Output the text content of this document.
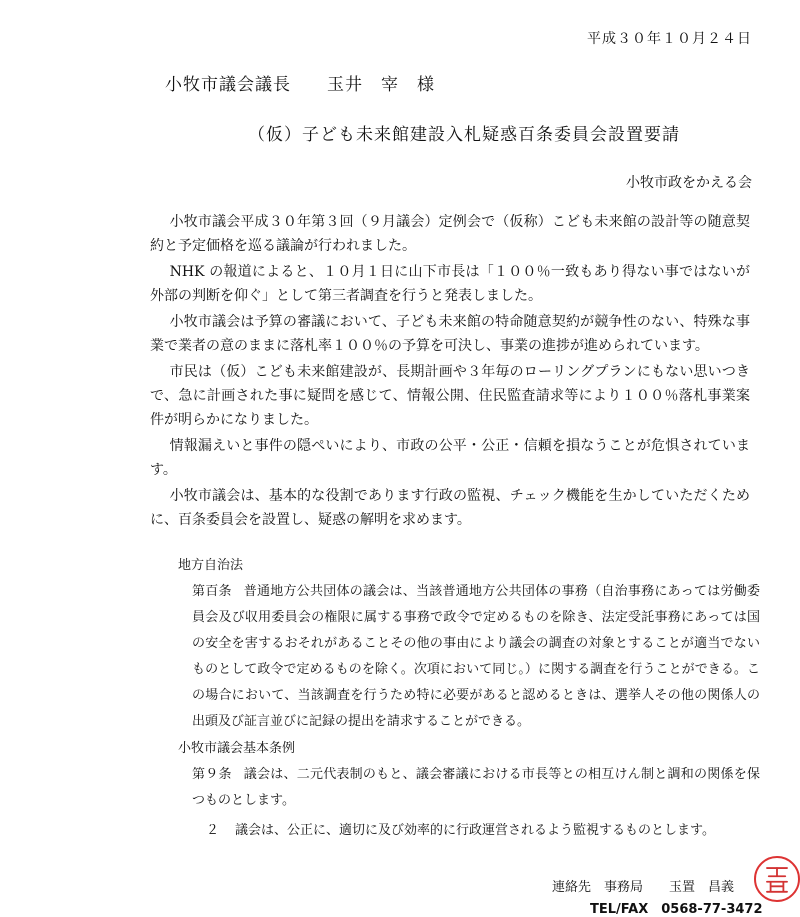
平成３０年１０月２４日
小牧市議会議長　　玉井　宰　様
（仮）子ども未来館建設入札疑惑百条委員会設置要請
小牧市政をかえる会

小牧市議会平成３０年第３回（９月議会）定例会で（仮称）こども未来館の設計等の随意契約と予定価格を巡る議論が行われました。

NHK の報道によると、１０月１日に山下市長は「１００％一致もあり得ない事ではないが外部の判断を仰ぐ」として第三者調査を行うと発表しました。

小牧市議会は予算の審議において、子ども未来館の特命随意契約が競争性のない、特殊な事業で業者の意のままに落札率１００％の予算を可決し、事業の進捗が進められています。

市民は（仮）こども未来館建設が、長期計画や３年毎のローリングプランにもない思いつきで、急に計画された事に疑問を感じて、情報公開、住民監査請求等により１００％落札事業案件が明らかになりました。

情報漏えいと事件の隠ぺいにより、市政の公平・公正・信頼を損なうことが危惧されています。

小牧市議会は、基本的な役割であります行政の監視、チェック機能を生かしていただくために、百条委員会を設置し、疑惑の解明を求めます。

地方自治法
第百条 普通地方公共団体の議会は、当該普通地方公共団体の事務（自治事務にあっては労働委員会及び収用委員会の権限に属する事務で政令で定めるものを除き、法定受託事務にあっては国の安全を害するおそれがあることその他の事由により議会の調査の対象とすることが適当でないものとして政令で定めるものを除く。次項において同じ。）に関する調査を行うことができる。この場合において、当該調査を行うため特に必要があると認めるときは、選挙人その他の関係人の出頭及び証言並びに記録の提出を請求することができる。
小牧市議会基本条例
第９条 議会は、二元代表制のもと、議会審議における市長等との相互けん制と調和の関係を保つものとします。
２ 議会は、公正に、適切に及び効率的に行政運営されるよう監視するものとします。
連絡先　事務局　　玉置　昌義
TEL/FAX　0568-77-3472
